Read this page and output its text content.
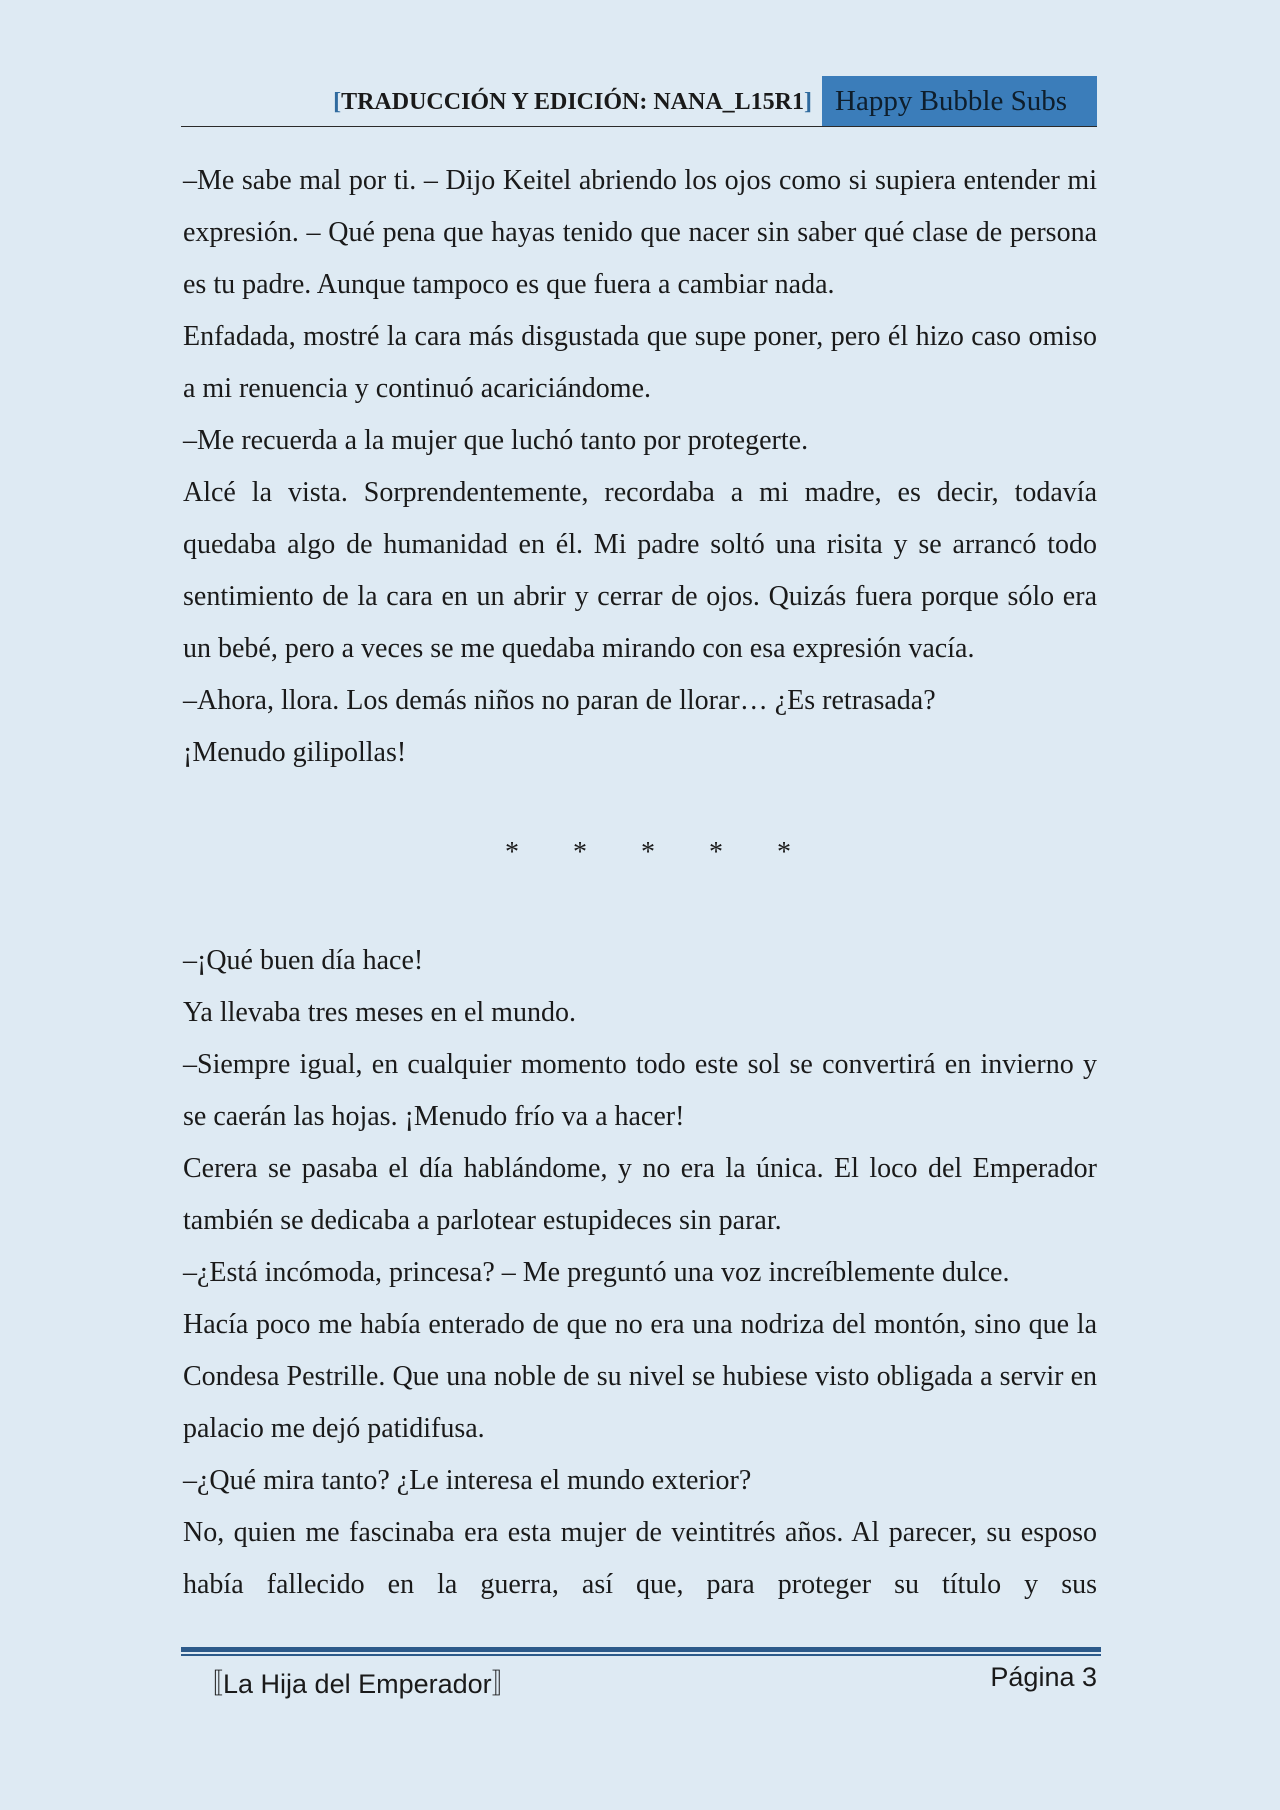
[TRADUCCIÓN Y EDICIÓN: NANA_L15R1] Happy Bubble Subs

–Me sabe mal por ti. – Dijo Keitel abriendo los ojos como si supiera entender mi expresión. – Qué pena que hayas tenido que nacer sin saber qué clase de persona es tu padre. Aunque tampoco es que fuera a cambiar nada.

Enfadada, mostré la cara más disgustada que supe poner, pero él hizo caso omiso a mi renuencia y continuó acariciándome.

–Me recuerda a la mujer que luchó tanto por protegerte.

Alcé la vista. Sorprendentemente, recordaba a mi madre, es decir, todavía quedaba algo de humanidad en él. Mi padre soltó una risita y se arrancó todo sentimiento de la cara en un abrir y cerrar de ojos. Quizás fuera porque sólo era un bebé, pero a veces se me quedaba mirando con esa expresión vacía.

–Ahora, llora. Los demás niños no paran de llorar… ¿Es retrasada?

¡Menudo gilipollas!

* * * * *

–¡Qué buen día hace!

Ya llevaba tres meses en el mundo.

–Siempre igual, en cualquier momento todo este sol se convertirá en invierno y se caerán las hojas. ¡Menudo frío va a hacer!

Cerera se pasaba el día hablándome, y no era la única. El loco del Emperador también se dedicaba a parlotear estupideces sin parar.

–¿Está incómoda, princesa? – Me preguntó una voz increíblemente dulce.

Hacía poco me había enterado de que no era una nodriza del montón, sino que la Condesa Pestrille. Que una noble de su nivel se hubiese visto obligada a servir en palacio me dejó patidifusa.

–¿Qué mira tanto? ¿Le interesa el mundo exterior?

No, quien me fascinaba era esta mujer de veintitrés años. Al parecer, su esposo había fallecido en la guerra, así que, para proteger su título y sus

〚La Hija del Emperador〛	Página 3
